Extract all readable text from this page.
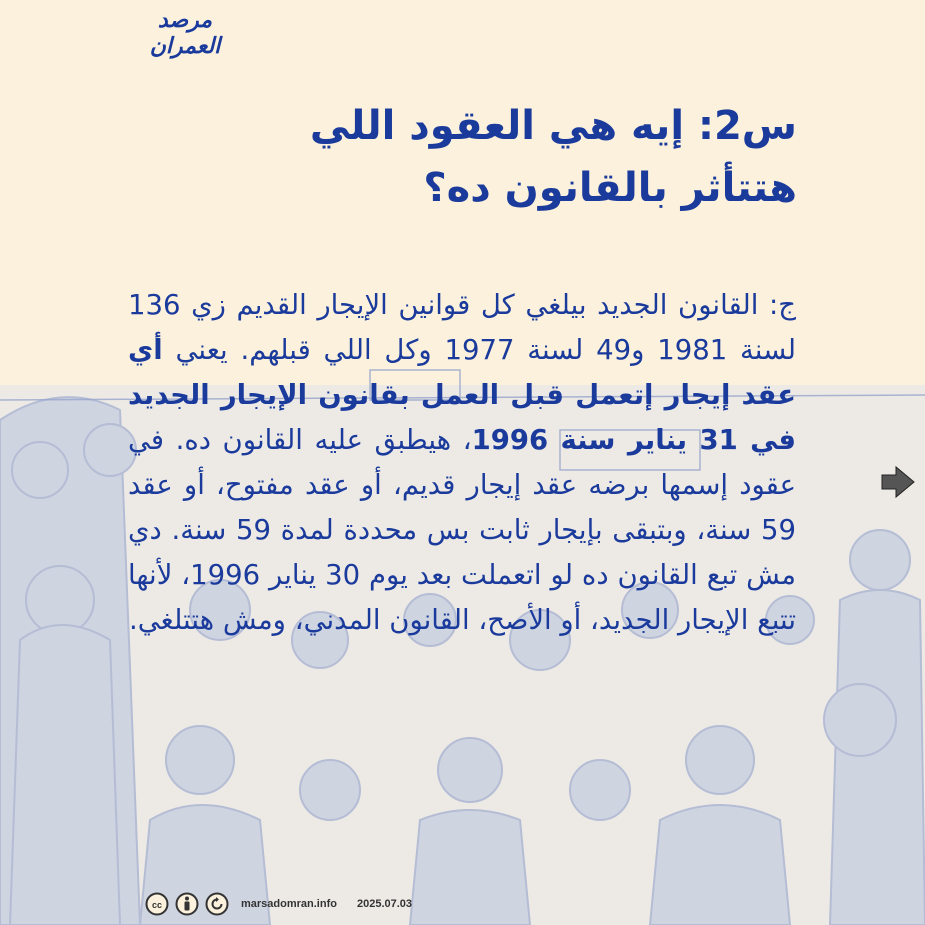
مرصد
العمران
س2: إيه هي العقود اللي
هتتأثر بالقانون ده؟

ج: القانون الجديد بيلغي كل قوانين الإيجار القديم زي 136 لسنة 1981 و49 لسنة 1977 وكل اللي قبلهم. يعني أي عقد إيجار إتعمل قبل العمل بقانون الإيجار الجديد في 31 يناير سنة 1996، هيطبق عليه القانون ده. في عقود إسمها برضه عقد إيجار قديم، أو عقد مفتوح، أو عقد 59 سنة، وبتبقى بإيجار ثابت بس محددة لمدة 59 سنة. دي مش تبع القانون ده لو اتعملت بعد يوم 30 يناير 1996، لأنها تتبع الإيجار الجديد، أو الأصح، القانون المدني، ومش هتتلغي.

cc	marsadomran.info 2025.07.03
